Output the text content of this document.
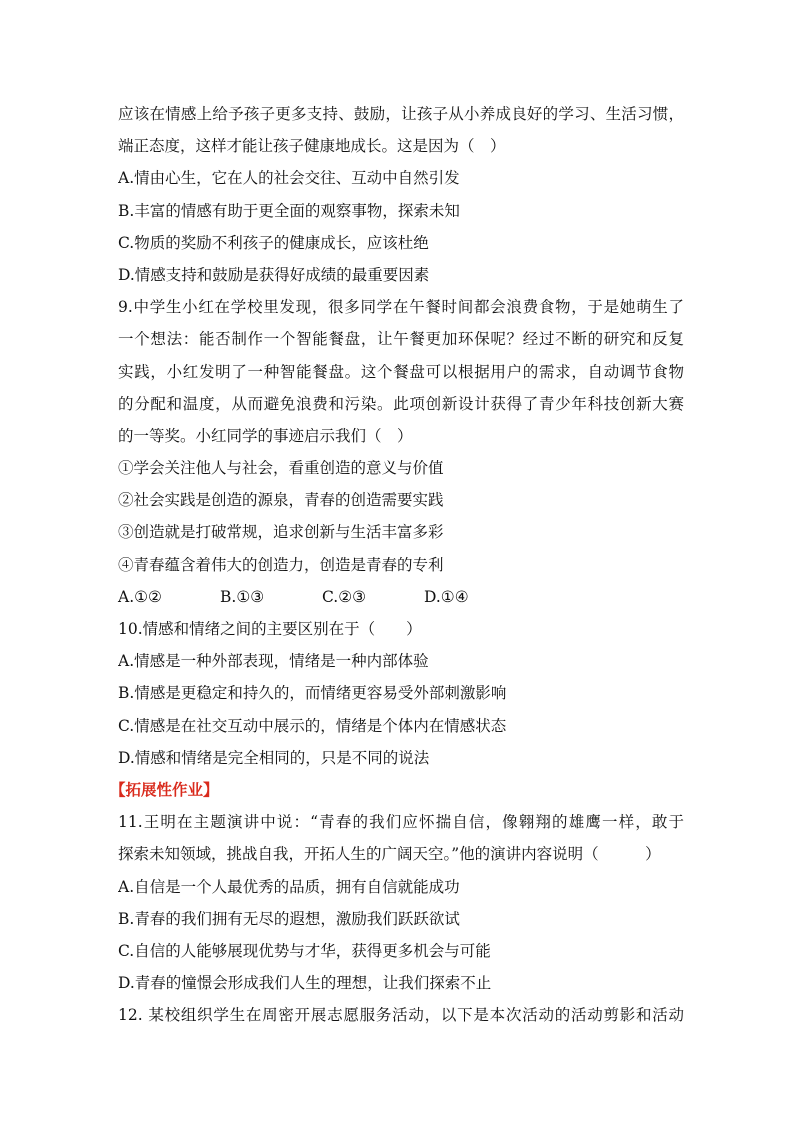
应该在情感上给予孩子更多支持、鼓励，让孩子从小养成良好的学习、生活习惯，
端正态度，这样才能让孩子健康地成长。这是因为（　）
A.情由心生，它在人的社会交往、互动中自然引发
B.丰富的情感有助于更全面的观察事物，探索未知
C.物质的奖励不利孩子的健康成长，应该杜绝
D.情感支持和鼓励是获得好成绩的最重要因素
9.中学生小红在学校里发现，很多同学在午餐时间都会浪费食物，于是她萌生了
一个想法：能否制作一个智能餐盘，让午餐更加环保呢？经过不断的研究和反复
实践，小红发明了一种智能餐盘。这个餐盘可以根据用户的需求，自动调节食物
的分配和温度，从而避免浪费和污染。此项创新设计获得了青少年科技创新大赛
的一等奖。小红同学的事迹启示我们（　）
①学会关注他人与社会，看重创造的意义与价值
②社会实践是创造的源泉，青春的创造需要实践
③创造就是打破常规，追求创新与生活丰富多彩
④青春蕴含着伟大的创造力，创造是青春的专利
A.①②	B.①③	C.②③	D.①④
10.情感和情绪之间的主要区别在于（　　）
A.情感是一种外部表现，情绪是一种内部体验
B.情感是更稳定和持久的，而情绪更容易受外部刺激影响
C.情感是在社交互动中展示的，情绪是个体内在情感状态
D.情感和情绪是完全相同的，只是不同的说法
【拓展性作业】
11.王明在主题演讲中说：“青春的我们应怀揣自信，像翱翔的雄鹰一样，敢于
探索未知领域，挑战自我，开拓人生的广阔天空。”他的演讲内容说明（　　　）
A.自信是一个人最优秀的品质，拥有自信就能成功
B.青春的我们拥有无尽的遐想，激励我们跃跃欲试
C.自信的人能够展现优势与才华，获得更多机会与可能
D.青春的憧憬会形成我们人生的理想，让我们探索不止
12. 某校组织学生在周密开展志愿服务活动，以下是本次活动的活动剪影和活动
